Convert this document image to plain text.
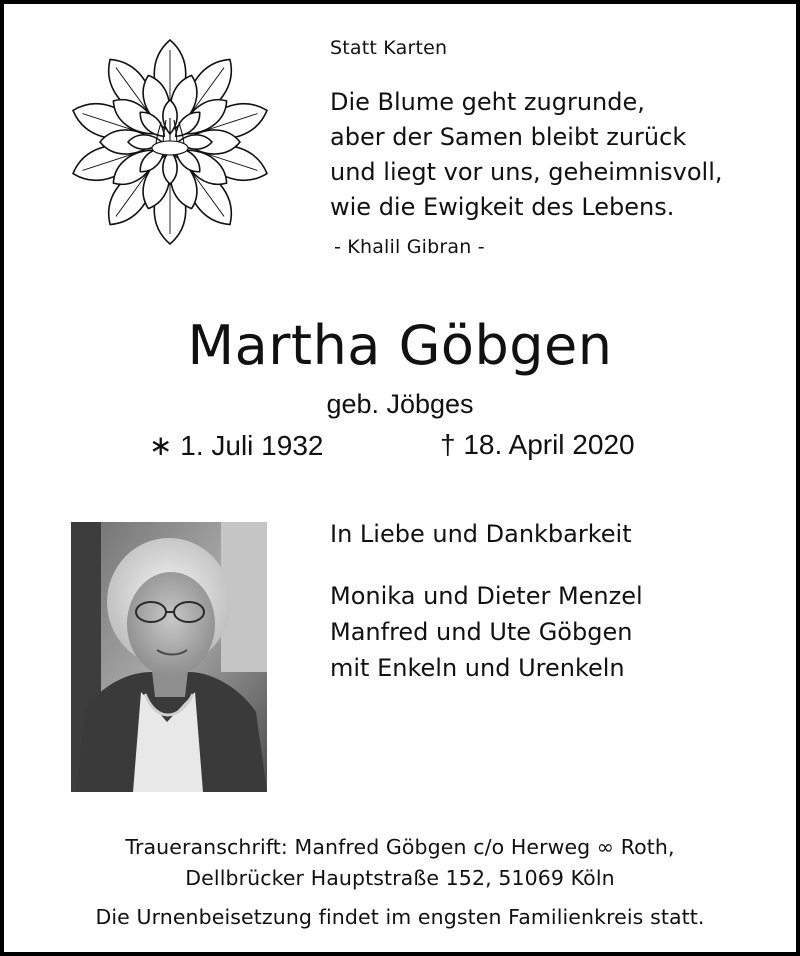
Statt Karten
Die Blume geht zugrunde,
aber der Samen bleibt zurück
und liegt vor uns, geheimnisvoll,
wie die Ewigkeit des Lebens.
- Khalil Gibran -
Martha Göbgen
geb. Jöbges
∗ 1. Juli 1932	† 18. April 2020
In Liebe und Dankbarkeit
Monika und Dieter Menzel
Manfred und Ute Göbgen
mit Enkeln und Urenkeln
Traueranschrift: Manfred Göbgen c/o Herweg ∞ Roth,
Dellbrücker Hauptstraße 152, 51069 Köln
Die Urnenbeisetzung findet im engsten Familienkreis statt.
